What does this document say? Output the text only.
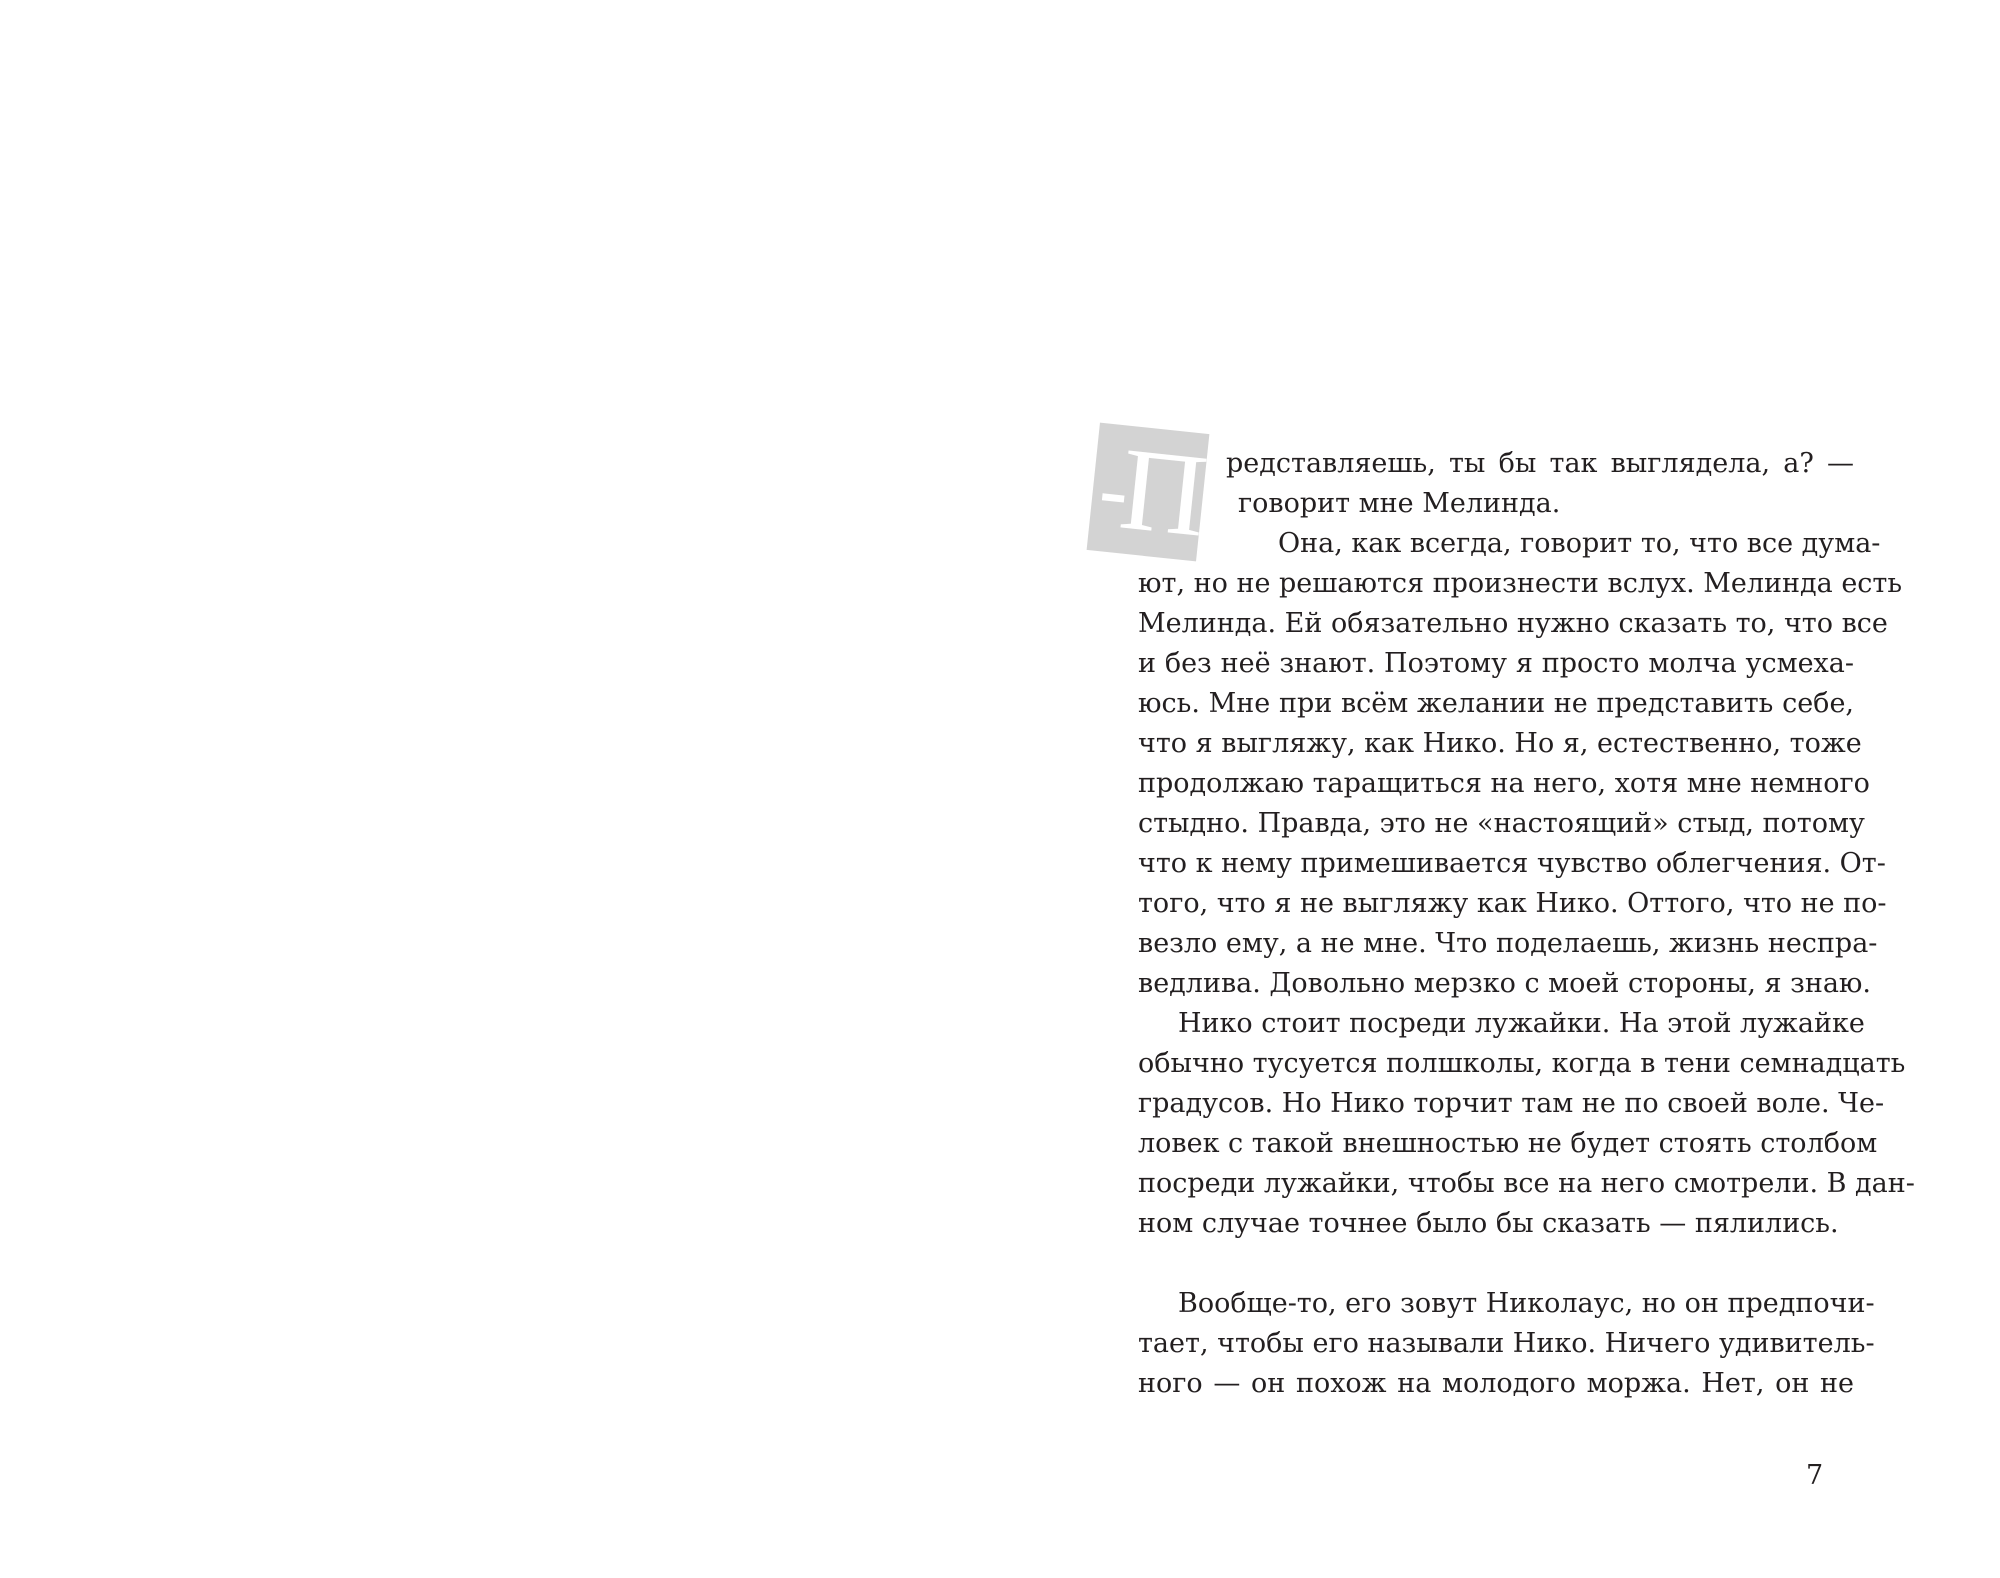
П редставляешь, ты бы так выглядела, а? —
говорит мне Мелинда.
Она, как всегда, говорит то, что все дума-
ют, но не решаются произнести вслух. Мелинда есть
Мелинда. Ей обязательно нужно сказать то, что все
и без неё знают. Поэтому я просто молча усмеха-
юсь. Мне при всём желании не представить себе,
что я выгляжу, как Нико. Но я, естественно, тоже
продолжаю таращиться на него, хотя мне немного
стыдно. Правда, это не «настоящий» стыд, потому
что к нему примешивается чувство облегчения. От-
того, что я не выгляжу как Нико. Оттого, что не по-
везло ему, а не мне. Что поделаешь, жизнь неспра-
ведлива. Довольно мерзко с моей стороны, я знаю.
Нико стоит посреди лужайки. На этой лужайке
обычно тусуется полшколы, когда в тени семнадцать
градусов. Но Нико торчит там не по своей воле. Че-
ловек с такой внешностью не будет стоять столбом
посреди лужайки, чтобы все на него смотрели. В дан-
ном случае точнее было бы сказать — пялились.
Вообще-то, его зовут Николаус, но он предпочи-
тает, чтобы его называли Нико. Ничего удивитель-
ного — он похож на молодого моржа. Нет, он не
7
